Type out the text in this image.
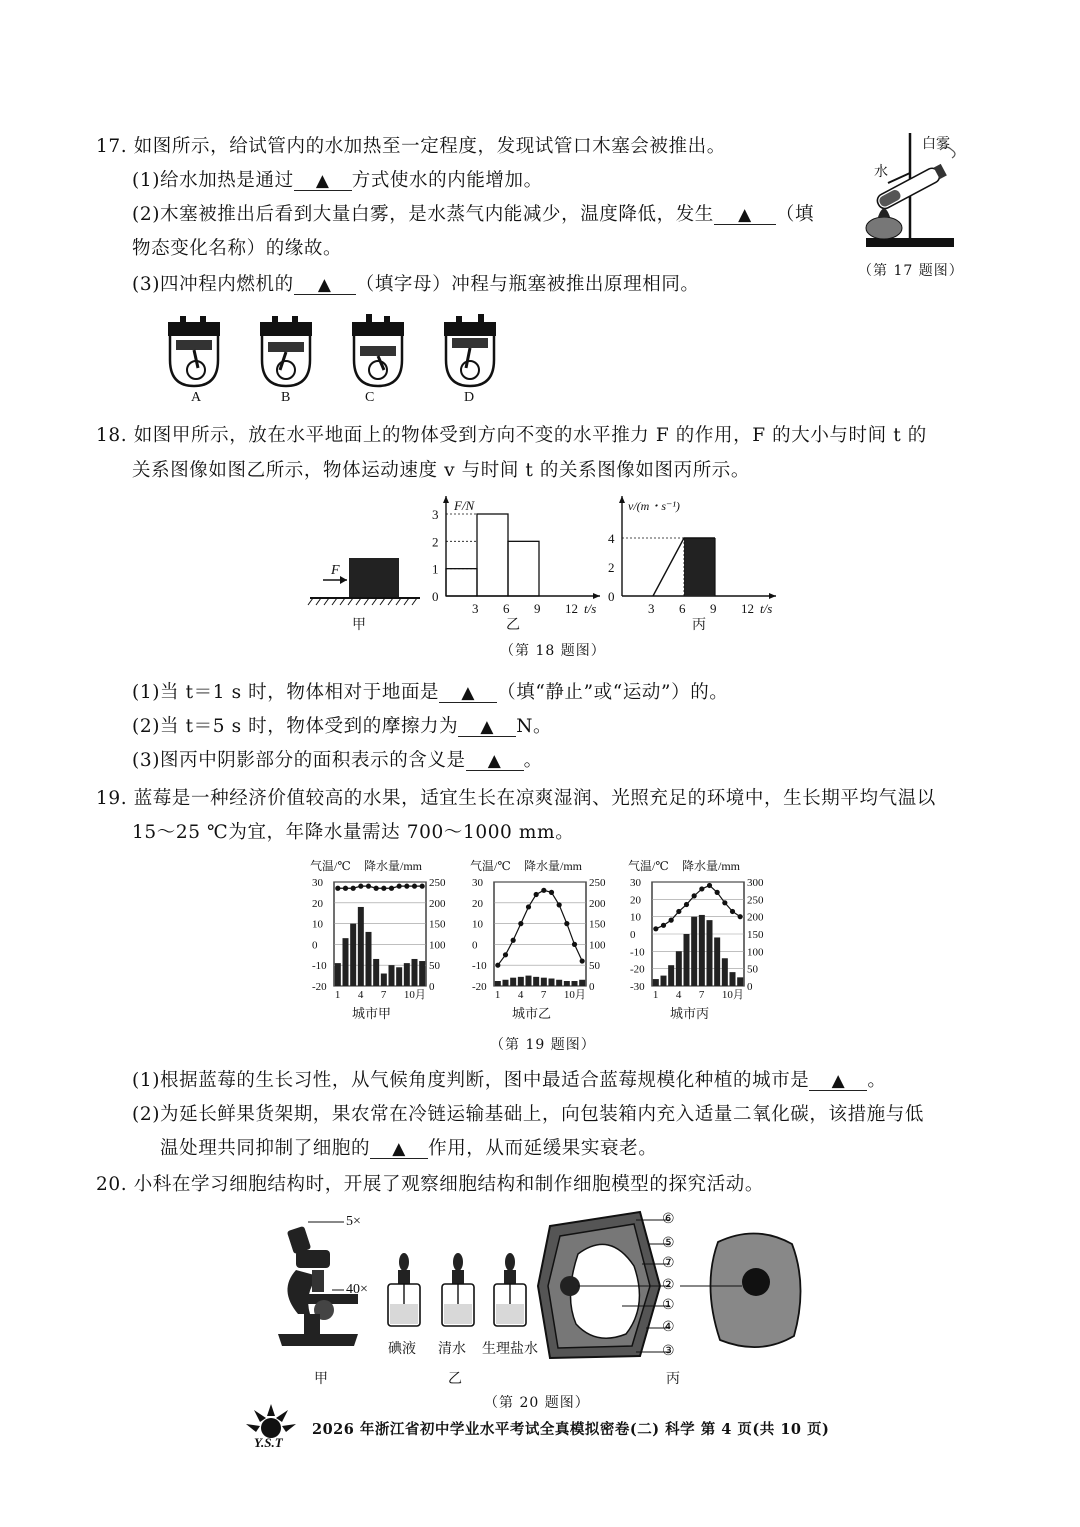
17. 如图所示，给试管内的水加热至一定程度，发现试管口木塞会被推出。
(1)给水加热是通过 ▲ 方式使水的内能增加。
(2)木塞被推出后看到大量白雾，是水蒸气内能减少，温度降低，发生 ▲ （填
物态变化名称）的缘故。
(3)四冲程内燃机的 ▲ （填字母）冲程与瓶塞被推出原理相同。
白雾
水
（第 17 题图）
A	B	C	D
18. 如图甲所示，放在水平地面上的物体受到方向不变的水平推力 F 的作用，F 的大小与时间 t 的
关系图像如图乙所示，物体运动速度 v 与时间 t 的关系图像如图丙所示。
F
甲
0
1
2
3
3 6 9 12
F/N
t/s
乙
0
2
4
3 6 9 12
v/(m・s⁻¹)
t/s
丙
（第 18 题图）
(1)当 t＝1 s 时，物体相对于地面是 ▲ （填“静止”或“运动”）的。
(2)当 t＝5 s 时，物体受到的摩擦力为 ▲ N。
(3)图丙中阴影部分的面积表示的含义是 ▲ 。
19. 蓝莓是一种经济价值较高的水果，适宜生长在凉爽湿润、光照充足的环境中，生长期平均气温以
15～25 ℃为宜，年降水量需达 700～1000 mm。
气温/℃ 降水量/mm
-20
-10
0
10
20
30
0
50
100
150
200
250
1 4 7 10月
城市甲
气温/℃ 降水量/mm
-20
-10
0
10
20
30
0
50
100
150
200
250
1 4 7 10月
城市乙
气温/℃ 降水量/mm
-30
-20
-10
0
10
20
30
0
50
100
150
200
250
300
1 4 7 10月
城市丙
（第 19 题图）
(1)根据蓝莓的生长习性，从气候角度判断，图中最适合蓝莓规模化种植的城市是 ▲ 。
(2)为延长鲜果货架期，果农常在冷链运输基础上，向包装箱内充入适量二氧化碳，该措施与低
温处理共同抑制了细胞的 ▲ 作用，从而延缓果实衰老。
20. 小科在学习细胞结构时，开展了观察细胞结构和制作细胞模型的探究活动。
5×
40×
甲
碘液 清水 生理盐水
乙
⑥
⑤
⑦
②
①
④
③
丙
（第 20 题图）
Y.S.T
2026 年浙江省初中学业水平考试全真模拟密卷(二) 科学 第 4 页(共 10 页)
